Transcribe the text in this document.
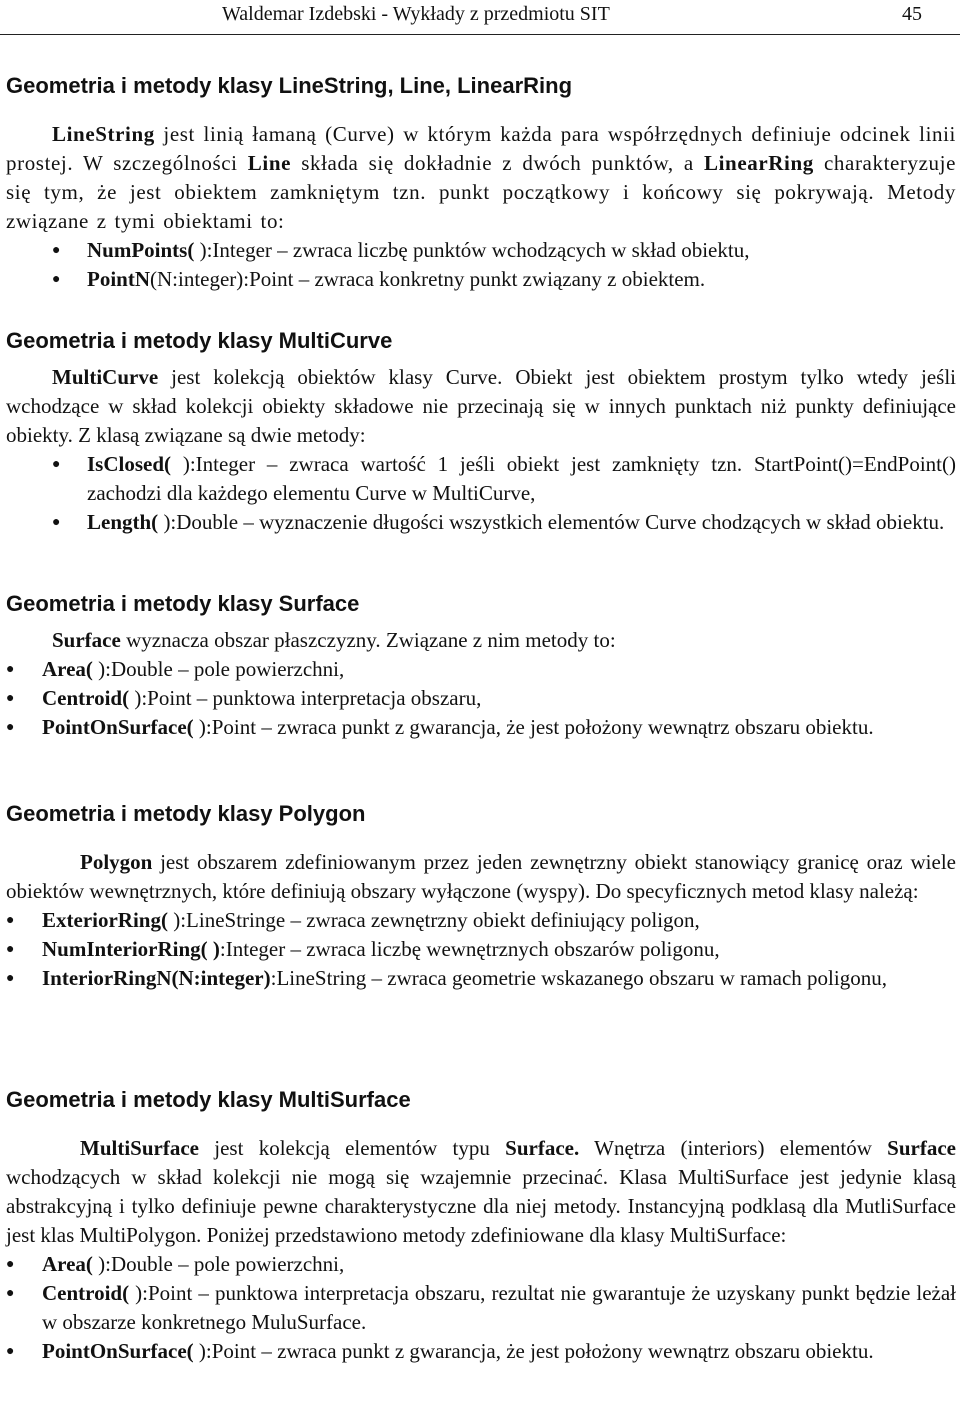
Waldemar Izdebski - Wykłady z przedmiotu SIT	45
Geometria i metody klasy LineString, Line, LinearRing

LineString jest linią łamaną (Curve) w którym każda para współrzędnych definiuje odcinek linii prostej. W szczególności Line składa się dokładnie z dwóch punktów, a LinearRing charakteryzuje się tym, że jest obiektem zamkniętym tzn. punkt początkowy i końcowy się pokrywają. Metody związane z tymi obiektami to:

● NumPoints( ):Integer – zwraca liczbę punktów wchodzących w skład obiektu,
● PointN(N:integer):Point – zwraca konkretny punkt związany z obiektem.
Geometria i metody klasy MultiCurve

MultiCurve jest kolekcją obiektów klasy Curve. Obiekt jest obiektem prostym tylko wtedy jeśli wchodzące w skład kolekcji obiekty składowe nie przecinają się w innych punktach niż punkty definiujące obiekty. Z klasą związane są dwie metody:

● IsClosed( ):Integer – zwraca wartość 1 jeśli obiekt jest zamknięty tzn. StartPoint()=EndPoint() zachodzi dla każdego elementu Curve w MultiCurve,
● Length( ):Double – wyznaczenie długości wszystkich elementów Curve chodzących w skład obiektu.
Geometria i metody klasy Surface

Surface wyznacza obszar płaszczyzny. Związane z nim metody to:

● Area( ):Double – pole powierzchni,
● Centroid( ):Point – punktowa interpretacja obszaru,
● PointOnSurface( ):Point – zwraca punkt z gwarancja, że jest położony wewnątrz obszaru obiektu.
Geometria i metody klasy Polygon

Polygon jest obszarem zdefiniowanym przez jeden zewnętrzny obiekt stanowiący granicę oraz wiele obiektów wewnętrznych, które definiują obszary wyłączone (wyspy). Do specyficznych metod klasy należą:

● ExteriorRing( ):LineStringe – zwraca zewnętrzny obiekt definiujący poligon,
● NumInteriorRing( ):Integer – zwraca liczbę wewnętrznych obszarów poligonu,
● InteriorRingN(N:integer):LineString – zwraca geometrie wskazanego obszaru w ramach poligonu,
Geometria i metody klasy MultiSurface

MultiSurface jest kolekcją elementów typu Surface. Wnętrza (interiors) elementów Surface wchodzących w skład kolekcji nie mogą się wzajemnie przecinać. Klasa MultiSurface jest jedynie klasą abstrakcyjną i tylko definiuje pewne charakterystyczne dla niej metody. Instancyjną podklasą dla MutliSurface jest klas MultiPolygon. Poniżej przedstawiono metody zdefiniowane dla klasy MultiSurface:

● Area( ):Double – pole powierzchni,
● Centroid( ):Point – punktowa interpretacja obszaru, rezultat nie gwarantuje że uzyskany punkt będzie leżał w obszarze konkretnego MuluSurface.
● PointOnSurface( ):Point – zwraca punkt z gwarancja, że jest położony wewnątrz obszaru obiektu.
